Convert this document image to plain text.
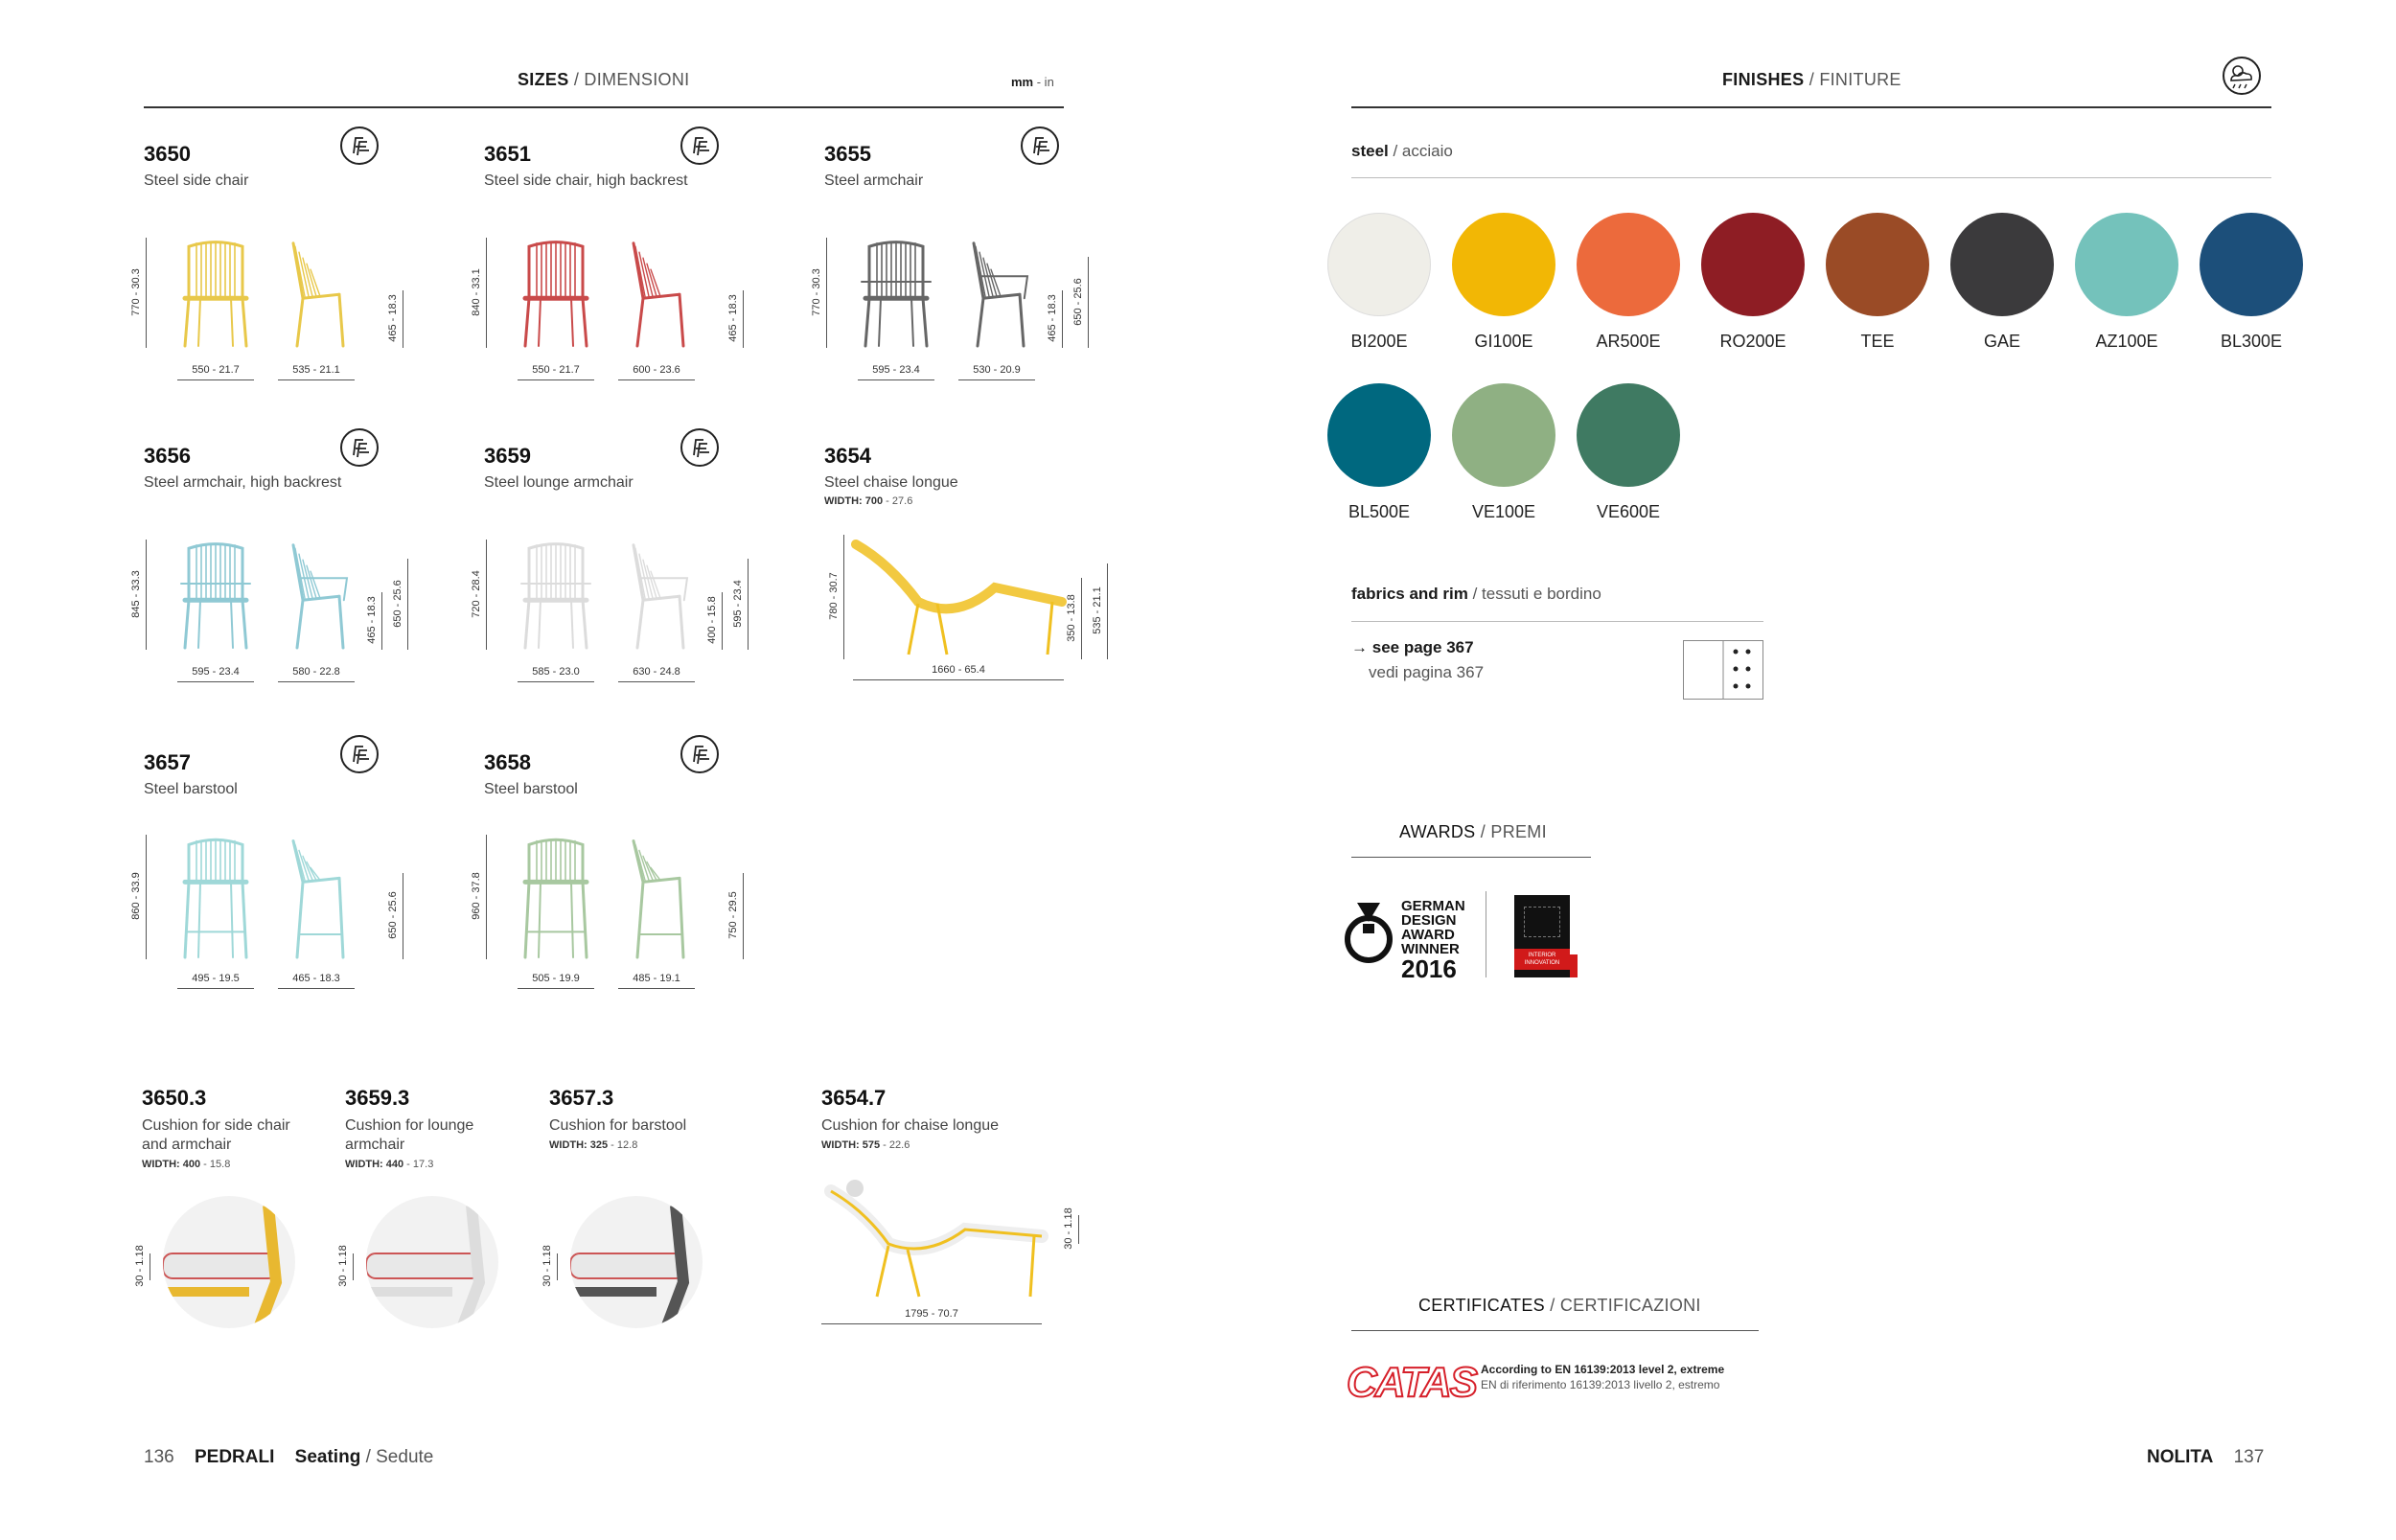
SIZES / DIMENSIONI	mm - in
3650
Steel side chair
770 - 30.3
465 - 18.3
550 - 21.7	535 - 21.1
3651
Steel side chair, high backrest
840 - 33.1
465 - 18.3
550 - 21.7	600 - 23.6
3655
Steel armchair
770 - 30.3
465 - 18.3 650 - 25.6
595 - 23.4	530 - 20.9
3656
Steel armchair, high backrest
845 - 33.3
465 - 18.3 650 - 25.6
595 - 23.4	580 - 22.8
3659
Steel lounge armchair
720 - 28.4
400 - 15.8 595 - 23.4
585 - 23.0	630 - 24.8
3654
Steel chaise longue
WIDTH: 700 - 27.6
780 - 30.7	350 - 13.8 535 - 21.1
1660 - 65.4
3657
Steel barstool
860 - 33.9	650 - 25.6
495 - 19.5	465 - 18.3
3658
Steel barstool
960 - 37.8	750 - 29.5
505 - 19.9	485 - 19.1
3650.3
Cushion for side chair and armchair
WIDTH: 400 - 15.8
30 - 1.18
3659.3
Cushion for lounge armchair
WIDTH: 440 - 17.3
30 - 1.18
3657.3
Cushion for barstool
WIDTH: 325 - 12.8
30 - 1.18
3654.7
Cushion for chaise longue
WIDTH: 575 - 22.6
30 - 1.18
1795 - 70.7
136 PEDRALI Seating / Sedute
FINISHES / FINITURE
steel / acciaio
BI200E	GI100E	AR500E	RO200E	TEE	GAE	AZ100E	BL300E
BL500E	VE100E	VE600E
fabrics and rim / tessuti e bordino
→ see page 367
vedi pagina 367
AWARDS / PREMI
GERMAN
DESIGN
AWARD
WINNER
2016	INTERIOR
INNOVATION
CERTIFICATES / CERTIFICAZIONI
CATAS According to EN 16139:2013 level 2, extreme
EN di riferimento 16139:2013 livello 2, estremo
NOLITA 137
